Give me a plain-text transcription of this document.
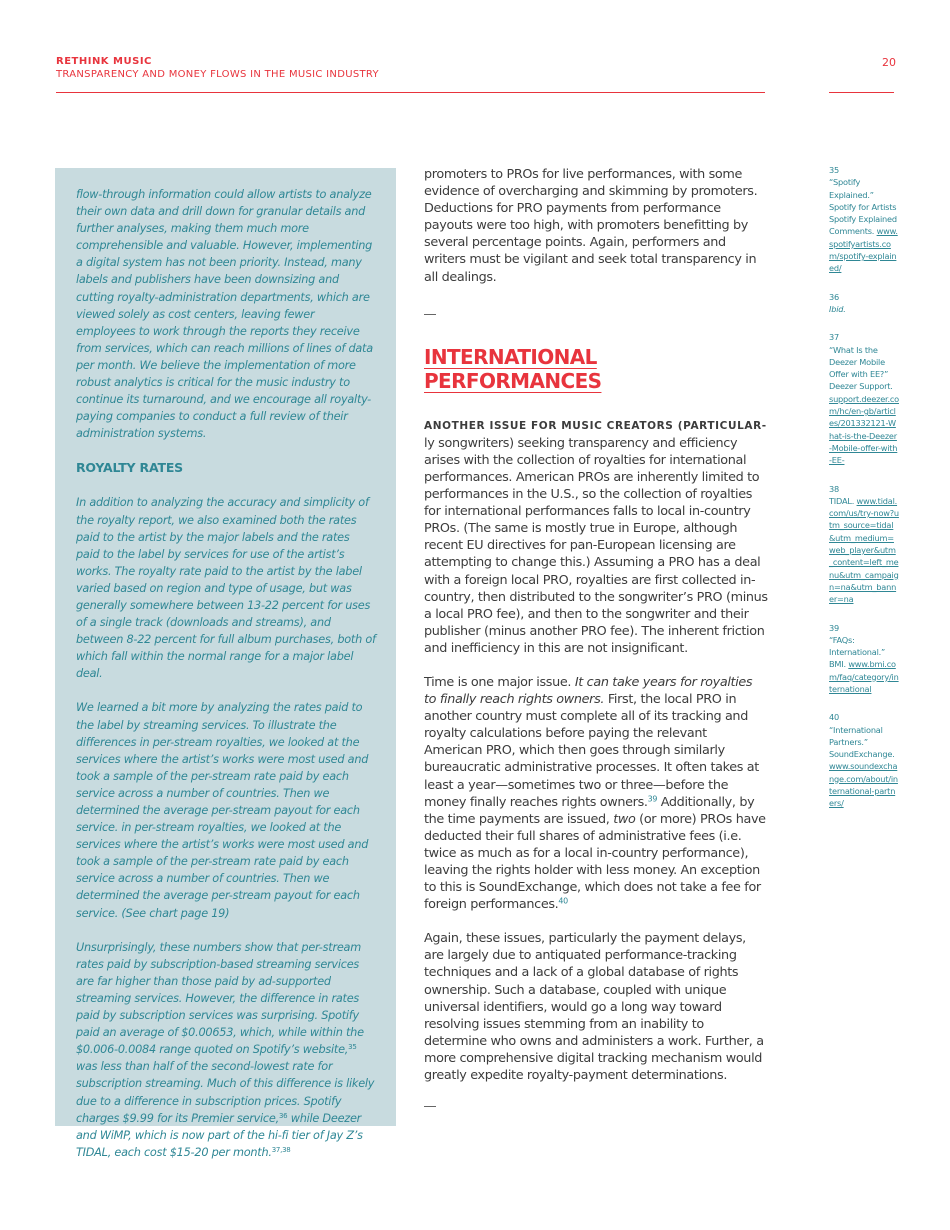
RETHINK MUSIC
TRANSPARENCY AND MONEY FLOWS IN THE MUSIC INDUSTRY
20

flow-through information could allow artists to analyze their own data and drill down for granular details and further analyses, making them much more comprehensible and valuable. However, implementing a digital system has not been priority. Instead, many labels and publishers have been downsizing and cutting royalty-administration departments, which are viewed solely as cost centers, leaving fewer employees to work through the reports they receive from services, which can reach millions of lines of data per month. We believe the implementation of more robust analytics is critical for the music industry to continue its turnaround, and we encourage all royalty-paying companies to conduct a full review of their administration systems.

ROYALTY RATES

In addition to analyzing the accuracy and simplicity of the royalty report, we also examined both the rates paid to the artist by the major labels and the rates paid to the label by services for use of the artist’s works. The royalty rate paid to the artist by the label varied based on region and type of usage, but was generally somewhere between 13-22 percent for uses of a single track (downloads and streams), and between 8-22 percent for full album purchases, both of which fall within the normal range for a major label deal.

We learned a bit more by analyzing the rates paid to the label by streaming services. To illustrate the differences in per-stream royalties, we looked at the services where the artist’s works were most used and took a sample of the per-stream rate paid by each service across a number of countries. Then we determined the average per-stream payout for each service. in per-stream royalties, we looked at the services where the artist’s works were most used and took a sample of the per-stream rate paid by each service across a number of countries. Then we determined the average per-stream payout for each service. (See chart page 19)

Unsurprisingly, these numbers show that per-stream rates paid by subscription-based streaming services are far higher than those paid by ad-supported streaming services. However, the difference in rates paid by subscription services was surprising. Spotify paid an average of $0.00653, which, while within the $0.006-0.0084 range quoted on Spotify’s website,$^{35}$ was less than half of the second-lowest rate for subscription streaming. Much of this difference is likely due to a difference in subscription prices. Spotify charges $9.99 for its Premier service,$^{36}$ while Deezer and WiMP, which is now part of the hi-fi tier of Jay Z’s TIDAL, each cost $15-20 per month.$^{37,38}$

promoters to PROs for live performances, with some evidence of overcharging and skimming by promoters. Deductions for PRO payments from performance payouts were too high, with promoters benefitting by several percentage points. Again, performers and writers must be vigilant and seek total transparency in all dealings.

INTERNATIONAL PERFORMANCES

ANOTHER ISSUE FOR MUSIC CREATORS (PARTICULAR-
ly songwriters) seeking transparency and efficiency arises with the collection of royalties for international performances. American PROs are inherently limited to performances in the U.S., so the collection of royalties for international performances falls to local in-country PROs. (The same is mostly true in Europe, although recent EU directives for pan-European licensing are attempting to change this.) Assuming a PRO has a deal with a foreign local PRO, royalties are first collected in-country, then distributed to the songwriter’s PRO (minus a local PRO fee), and then to the songwriter and their publisher (minus another PRO fee). The inherent friction and inefficiency in this are not insignificant.

Time is one major issue. It can take years for royalties to finally reach rights owners. First, the local PRO in another country must complete all of its tracking and royalty calculations before paying the relevant American PRO, which then goes through similarly bureaucratic administrative processes. It often takes at least a year—sometimes two or three—before the money finally reaches rights owners.$^{39}$ Additionally, by the time payments are issued, two (or more) PROs have deducted their full shares of administrative fees (i.e. twice as much as for a local in-country performance), leaving the rights holder with less money. An exception to this is SoundExchange, which does not take a fee for foreign performances.$^{40}$

Again, these issues, particularly the payment delays, are largely due to antiquated performance-tracking techniques and a lack of a global database of rights ownership. Such a database, coupled with unique universal identifiers, would go a long way toward resolving issues stemming from an inability to determine who owns and administers a work. Further, a more comprehensive digital tracking mechanism would greatly expedite royalty-payment determinations.

35
“Spotify Explained.” Spotify for Artists Spotify Explained Comments. www.spotifyartists.com/spotify-explained/
36
Ibid.
37
“What Is the Deezer Mobile Offer with EE?” Deezer Support. support.deezer.com/hc/en-gb/articles/201332121-What-is-the-Deezer-Mobile-offer-with-EE-
38
TIDAL. www.tidal.com/us/try-now?utm_source=tidal&utm_medium=web_player&utm_content=left_menu&utm_campaign=na&utm_banner=na
39
“FAQs: International.” BMI. www.bmi.com/faq/category/international
40
“International Partners.” SoundExchange. www.soundexchange.com/about/international-partners/
